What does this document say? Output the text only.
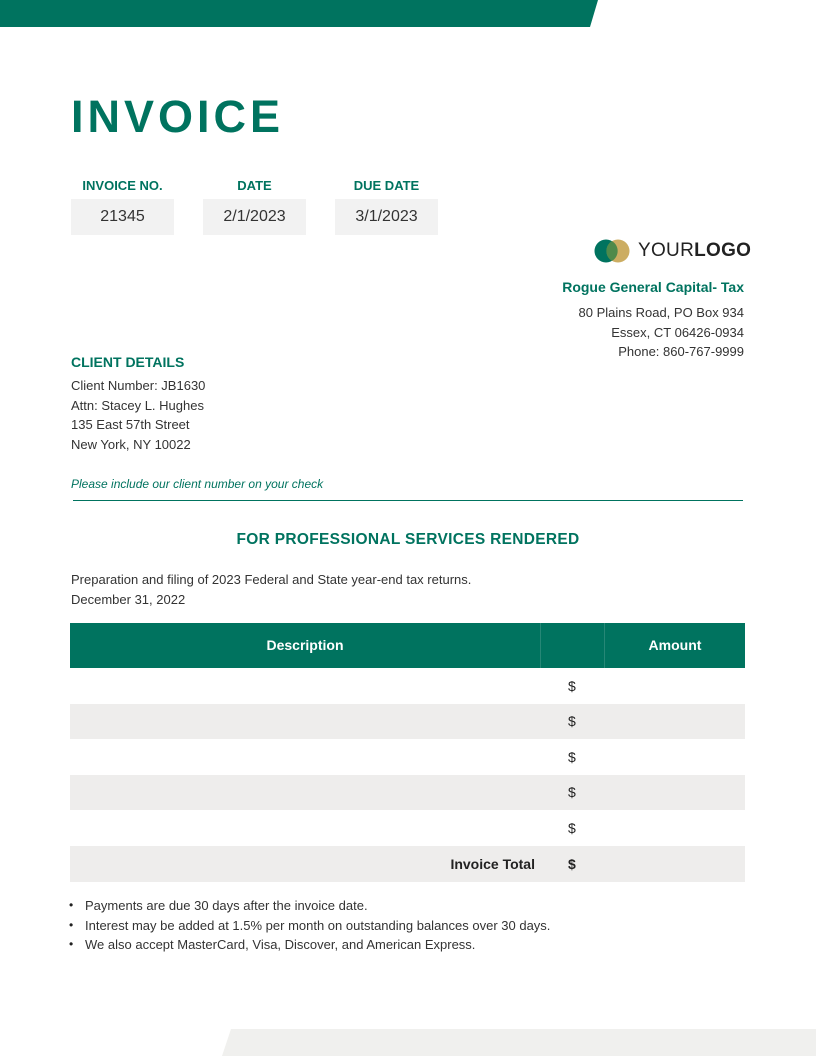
INVOICE
INVOICE NO.
21345
DATE
2/1/2023
DUE DATE
3/1/2023
YOURLOGO
Rogue General Capital- Tax
80 Plains Road, PO Box 934
Essex, CT 06426-0934
Phone: 860-767-9999
CLIENT DETAILS
Client Number: JB1630
Attn: Stacey L. Hughes
135 East 57th Street
New York, NY 10022
Please include our client number on your check
FOR PROFESSIONAL SERVICES RENDERED
Preparation and filing of 2023 Federal and State year-end tax returns.
December 31, 2022
Description	Amount
$
$
$
$
$
Invoice Total	$
• Payments are due 30 days after the invoice date.
• Interest may be added at 1.5% per month on outstanding balances over 30 days.
• We also accept MasterCard, Visa, Discover, and American Express.
